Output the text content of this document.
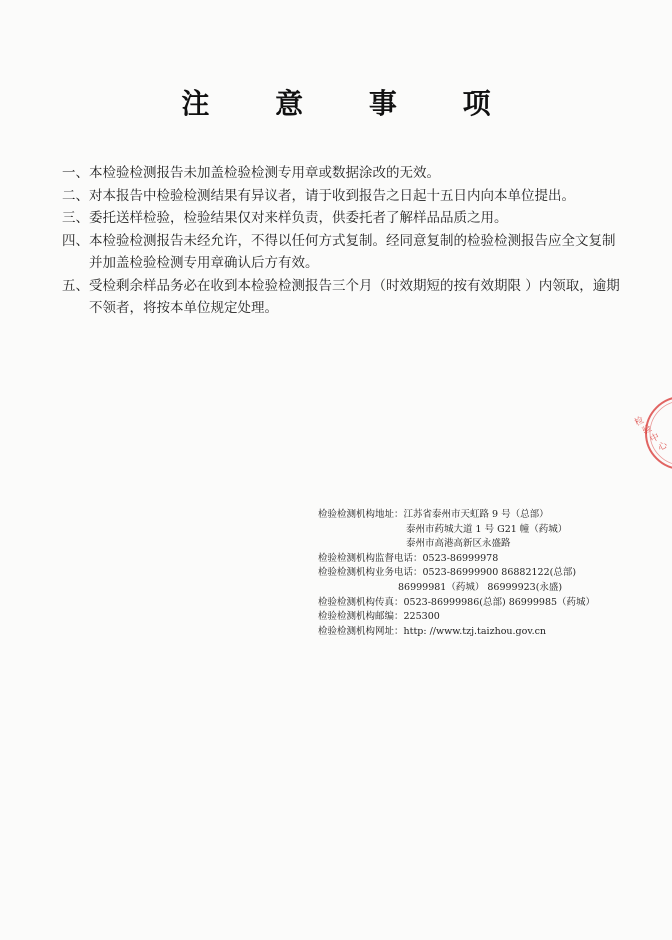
注 意 事 项

一、本检验检测报告未加盖检验检测专用章或数据涂改的无效。

二、对本报告中检验检测结果有异议者，请于收到报告之日起十五日内向本单位提出。

三、委托送样检验，检验结果仅对来样负责，供委托者了解样品品质之用。

四、本检验检测报告未经允许，不得以任何方式复制。经同意复制的检验检测报告应全文复制并加盖检验检测专用章确认后方有效。

五、受检剩余样品务必在收到本检验检测报告三个月（时效期短的按有效期限 ）内领取，逾期不领者，将按本单位规定处理。

检验检测机构地址：江苏省泰州市天虹路 9 号（总部）
泰州市药城大道 1 号 G21 幢（药城）
泰州市高港高新区永盛路
检验检测机构监督电话：0523-86999978
检验检测机构业务电话：0523-86999900 86882122(总部)
86999981（药城） 86999923(永盛)
检验检测机构传真：0523-86999986(总部) 86999985（药城）
检验检测机构邮编：225300
检验检测机构网址：http: //www.tzj.taizhou.gov.cn
检验中心
